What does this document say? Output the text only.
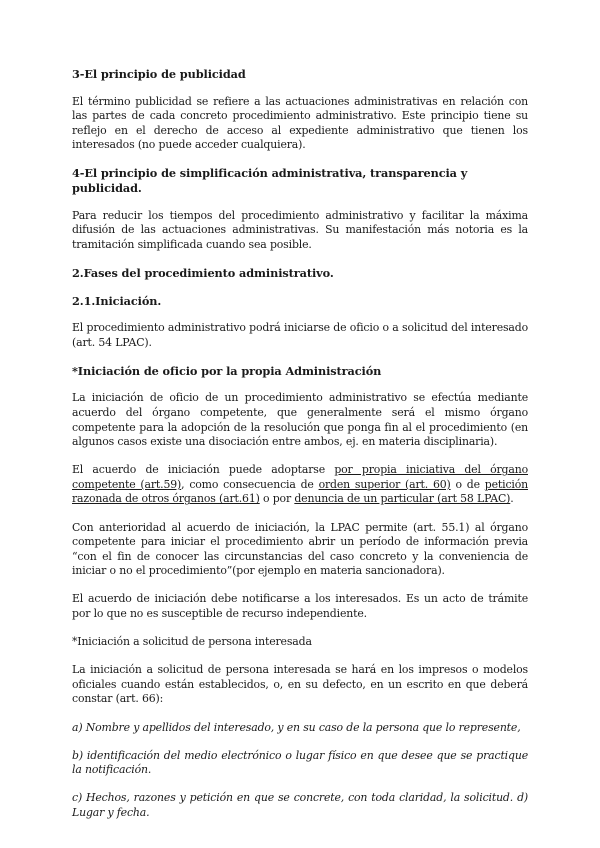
3-El principio de publicidad

El término publicidad se refiere a las actuaciones administrativas en relación con las partes de cada concreto procedimiento administrativo. Este principio tiene su reflejo en el derecho de acceso al expediente administrativo que tienen los interesados (no puede acceder cualquiera).

4-El principio de simplificación administrativa, transparencia y publicidad.

Para reducir los tiempos del procedimiento administrativo y facilitar la máxima difusión de las actuaciones administrativas. Su manifestación más notoria es la tramitación simplificada cuando sea posible.

2.Fases del procedimiento administrativo.
2.1.Iniciación.

El procedimiento administrativo podrá iniciarse de oficio o a solicitud del interesado (art. 54 LPAC).

*Iniciación de oficio por la propia Administración

La iniciación de oficio de un procedimiento administrativo se efectúa mediante acuerdo del órgano competente, que generalmente será el mismo órgano competente para la adopción de la resolución que ponga fin al el procedimiento (en algunos casos existe una disociación entre ambos, ej. en materia disciplinaria).

El acuerdo de iniciación puede adoptarse por propia iniciativa del órgano competente (art.59), como consecuencia de orden superior (art. 60) o de petición razonada de otros órganos (art.61) o por denuncia de un particular (art 58 LPAC).

Con anterioridad al acuerdo de iniciación, la LPAC permite (art. 55.1) al órgano competente para iniciar el procedimiento abrir un período de información previa “con el fin de conocer las circunstancias del caso concreto y la conveniencia de iniciar o no el procedimiento”(por ejemplo en materia sancionadora).

El acuerdo de iniciación debe notificarse a los interesados. Es un acto de trámite por lo que no es susceptible de recurso independiente.

*Iniciación a solicitud de persona interesada

La iniciación a solicitud de persona interesada se hará en los impresos o modelos oficiales cuando están establecidos, o, en su defecto, en un escrito en que deberá constar (art. 66):

a) Nombre y apellidos del interesado, y en su caso de la persona que lo represente,

b) identificación del medio electrónico o lugar físico en que desee que se practique la notificación.

c) Hechos, razones y petición en que se concrete, con toda claridad, la solicitud. d) Lugar y fecha.
